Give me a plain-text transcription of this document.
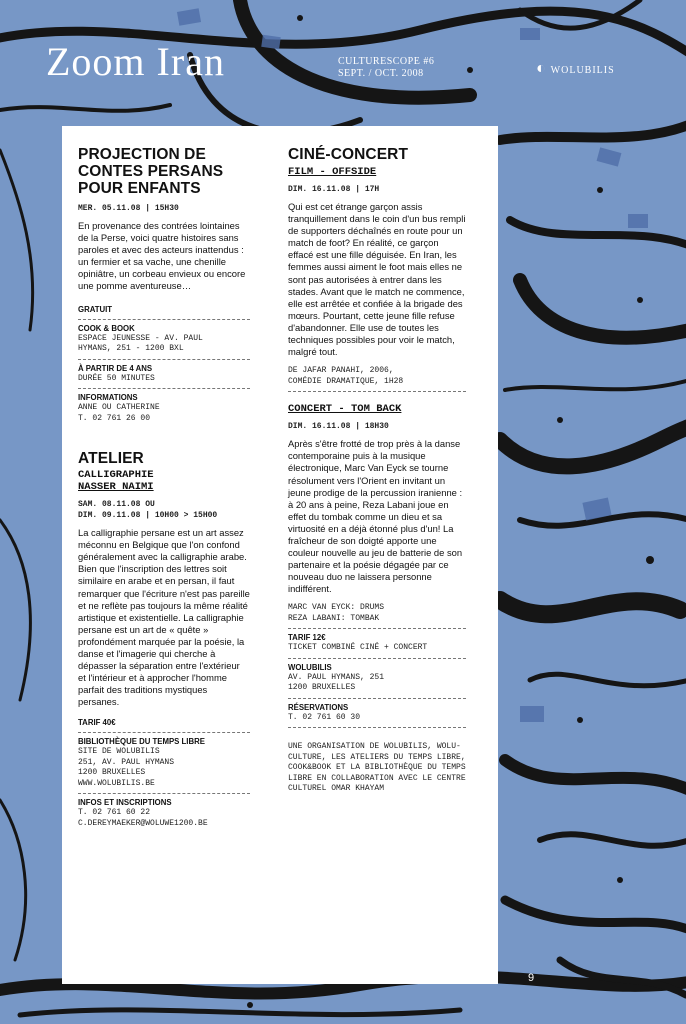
Zoom Iran	CULTURESCOPE #6
SEPT. / OCT. 2008	◐ WOLUBILIS
PROJECTION DE CONTES PERSANS POUR ENFANTS
MER. 05.11.08 | 15H30
En provenance des contrées lointaines de la Perse, voici quatre histoires sans paroles et avec des acteurs inattendus : un fermier et sa vache, une chenille opiniâtre, un corbeau envieux ou encore une pomme aventureuse…
GRATUIT
COOK & BOOK
ESPACE JEUNESSE - AV. PAUL
HYMANS, 251 - 1200 BXL
À PARTIR DE 4 ANS
DURÉE 50 MINUTES
INFORMATIONS
ANNE OU CATHERINE
T. 02 761 26 00
ATELIER
CALLIGRAPHIE
NASSER NAIMI
SAM. 08.11.08 OU
DIM. 09.11.08 | 10H00 > 15H00
La calligraphie persane est un art assez méconnu en Belgique que l'on confond généralement avec la calligraphie arabe. Bien que l'inscription des lettres soit similaire en arabe et en persan, il faut remarquer que l'écriture n'est pas pareille et ne reflète pas toujours la même réalité artistique et existentielle. La calligraphie persane est un art de « quête » profondément marquée par la poésie, la danse et l'imagerie qui cherche à dépasser la séparation entre l'extérieur et l'intérieur et à approcher l'homme parfait des traditions mystiques persanes.
TARIF 40€
BIBLIOTHÈQUE DU TEMPS LIBRE
SITE DE WOLUBILIS
251, AV. PAUL HYMANS
1200 BRUXELLES
WWW.WOLUBILIS.BE
INFOS ET INSCRIPTIONS
T. 02 761 60 22
C.DEREYMAEKER@WOLUWE1200.BE
CINÉ-CONCERT
FILM - OFFSIDE
DIM. 16.11.08 | 17H
Qui est cet étrange garçon assis tranquillement dans le coin d'un bus rempli de supporters déchaînés en route pour un match de foot? En réalité, ce garçon effacé est une fille déguisée. En Iran, les femmes aussi aiment le foot mais elles ne sont pas autorisées à entrer dans les stades. Avant que le match ne commence, elle est arrêtée et confiée à la brigade des mœurs. Pourtant, cette jeune fille refuse d'abandonner. Elle use de toutes les techniques possibles pour voir le match, malgré tout.
DE JAFAR PANAHI, 2006,
COMÉDIE DRAMATIQUE, 1H28
CONCERT - TOM BACK
DIM. 16.11.08 | 18H30
Après s'être frotté de trop près à la danse contemporaine puis à la musique électronique, Marc Van Eyck se tourne résolument vers l'Orient en invitant un jeune prodige de la percussion iranienne : à 20 ans à peine, Reza Labani joue en effet du tombak comme un dieu et sa virtuosité en a déjà étonné plus d'un! La fraîcheur de son doigté apporte une couleur nouvelle au jeu de batterie de son partenaire et la poésie dégagée par ce nouveau duo ne laissera personne indifférent.
MARC VAN EYCK: DRUMS
REZA LABANI: TOMBAK
TARIF 12€
TICKET COMBINÉ CINÉ + CONCERT
WOLUBILIS
AV. PAUL HYMANS, 251
1200 BRUXELLES
RÉSERVATIONS
T. 02 761 60 30
UNE ORGANISATION DE WOLUBILIS, WOLU-CULTURE, LES ATELIERS DU TEMPS LIBRE, COOK&BOOK ET LA BIBLIOTHÈQUE DU TEMPS LIBRE EN COLLABORATION AVEC LE CENTRE CULTUREL OMAR KHAYAM
9
